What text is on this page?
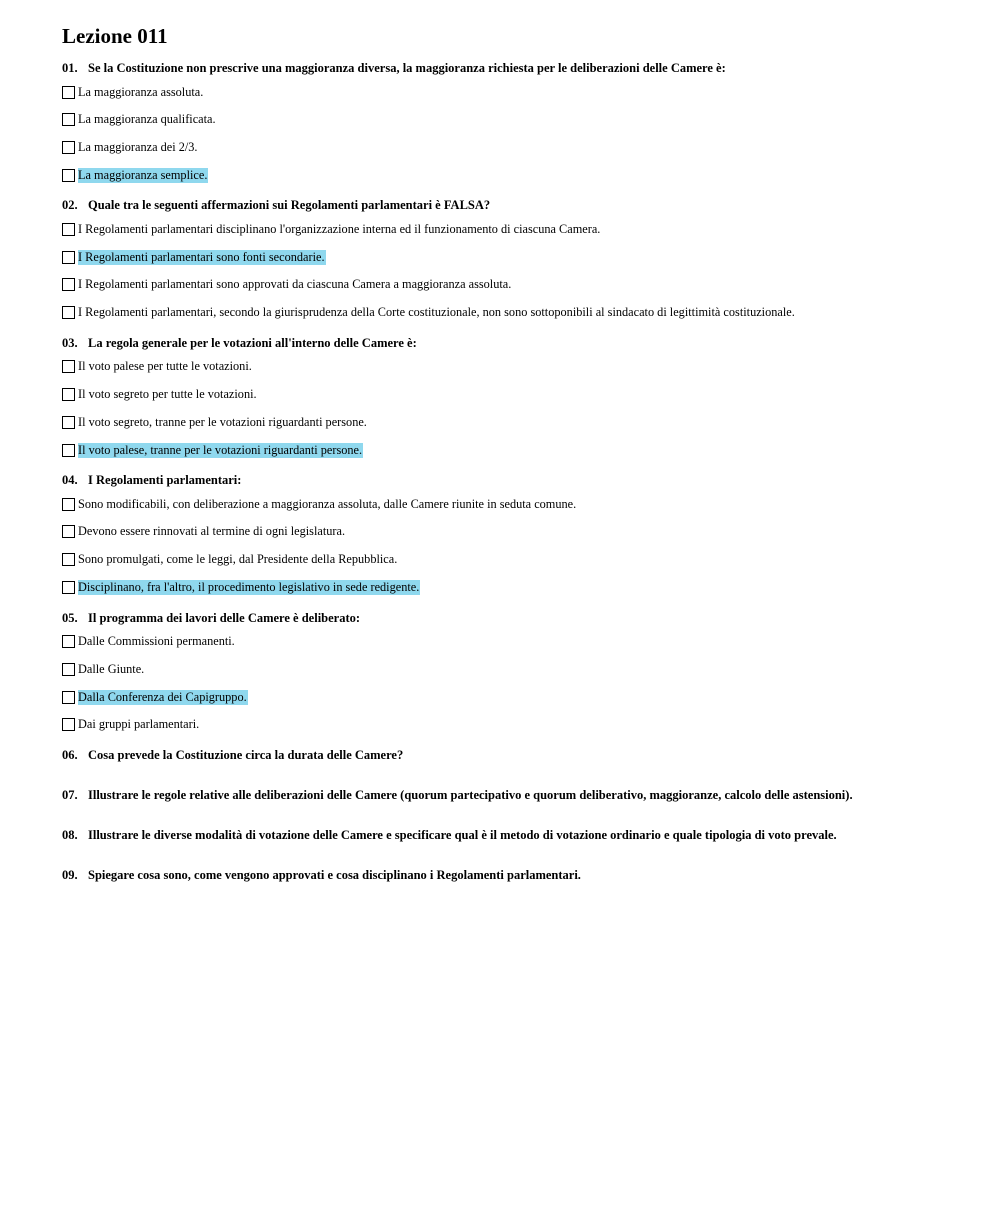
Lezione 011
01. Se la Costituzione non prescrive una maggioranza diversa, la maggioranza richiesta per le deliberazioni delle Camere è:
La maggioranza assoluta.
La maggioranza qualificata.
La maggioranza dei 2/3.
La maggioranza semplice.
02. Quale tra le seguenti affermazioni sui Regolamenti parlamentari è FALSA?
I Regolamenti parlamentari disciplinano l'organizzazione interna ed il funzionamento di ciascuna Camera.
I Regolamenti parlamentari sono fonti secondarie.
I Regolamenti parlamentari sono approvati da ciascuna Camera a maggioranza assoluta.
I Regolamenti parlamentari, secondo la giurisprudenza della Corte costituzionale, non sono sottoponibili al sindacato di legittimità costituzionale.
03. La regola generale per le votazioni all'interno delle Camere è:
Il voto palese per tutte le votazioni.
Il voto segreto per tutte le votazioni.
Il voto segreto, tranne per le votazioni riguardanti persone.
Il voto palese, tranne per le votazioni riguardanti persone.
04. I Regolamenti parlamentari:
Sono modificabili, con deliberazione a maggioranza assoluta, dalle Camere riunite in seduta comune.
Devono essere rinnovati al termine di ogni legislatura.
Sono promulgati, come le leggi, dal Presidente della Repubblica.
Disciplinano, fra l'altro, il procedimento legislativo in sede redigente.
05. Il programma dei lavori delle Camere è deliberato:
Dalle Commissioni permanenti.
Dalle Giunte.
Dalla Conferenza dei Capigruppo.
Dai gruppi parlamentari.
06. Cosa prevede la Costituzione circa la durata delle Camere?
07. Illustrare le regole relative alle deliberazioni delle Camere (quorum partecipativo e quorum deliberativo, maggioranze, calcolo delle astensioni).
08. Illustrare le diverse modalità di votazione delle Camere e specificare qual è il metodo di votazione ordinario e quale tipologia di voto prevale.
09. Spiegare cosa sono, come vengono approvati e cosa disciplinano i Regolamenti parlamentari.
